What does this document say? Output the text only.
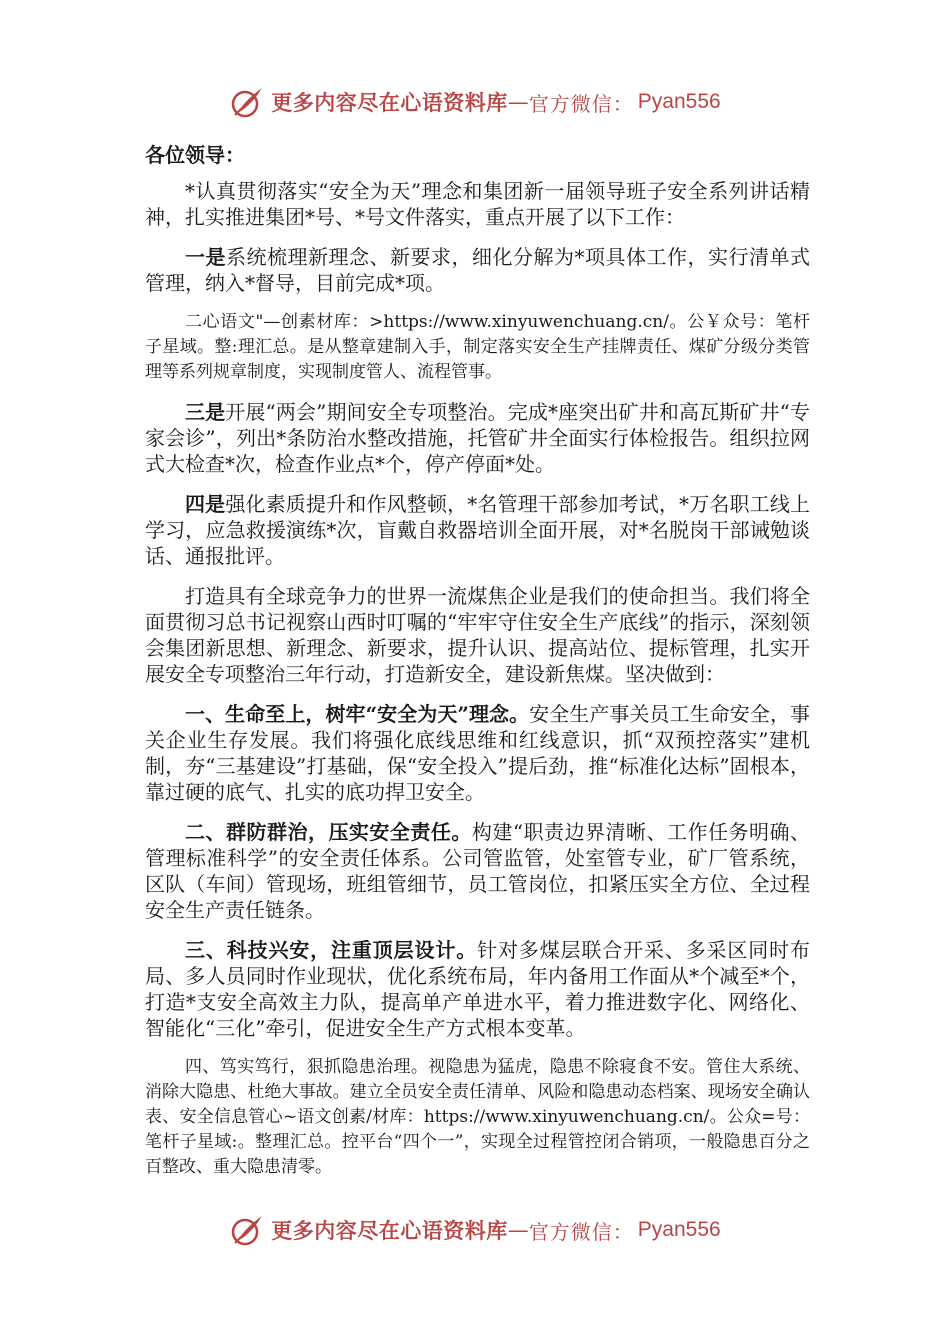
更多内容尽在心语资料库 — 官方微信： Pyan556

各位领导：

*认真贯彻落实“安全为天”理念和集团新一届领导班子安全系列讲话精神，扎实推进集团*号、*号文件落实，重点开展了以下工作：

一是系统梳理新理念、新要求，细化分解为*项具体工作，实行清单式管理，纳入*督导，目前完成*项。

二心语文"—创素材库：>https://www.xinyuwenchuang.cn/。公￥众号：笔杆子星域。整:理汇总。是从整章建制入手，制定落实安全生产挂牌责任、煤矿分级分类管理等系列规章制度，实现制度管人、流程管事。

三是开展“两会”期间安全专项整治。完成*座突出矿井和高瓦斯矿井“专家会诊”，列出*条防治水整改措施，托管矿井全面实行体检报告。组织拉网式大检查*次，检查作业点*个，停产停面*处。

四是强化素质提升和作风整顿，*名管理干部参加考试，*万名职工线上学习，应急救援演练*次，盲戴自救器培训全面开展，对*名脱岗干部诫勉谈话、通报批评。

打造具有全球竞争力的世界一流煤焦企业是我们的使命担当。我们将全面贯彻习总书记视察山西时叮嘱的“牢牢守住安全生产底线”的指示，深刻领会集团新思想、新理念、新要求，提升认识、提高站位、提标管理，扎实开展安全专项整治三年行动，打造新安全，建设新焦煤。坚决做到：

一、生命至上，树牢“安全为天”理念。安全生产事关员工生命安全，事关企业生存发展。我们将强化底线思维和红线意识，抓“双预控落实”建机制，夯“三基建设”打基础，保“安全投入”提后劲，推“标准化达标”固根本，靠过硬的底气、扎实的底功捍卫安全。

二、群防群治，压实安全责任。构建“职责边界清晰、工作任务明确、管理标准科学”的安全责任体系。公司管监管，处室管专业，矿厂管系统，区队（车间）管现场，班组管细节，员工管岗位，扣紧压实全方位、全过程安全生产责任链条。

三、科技兴安，注重顶层设计。针对多煤层联合开采、多采区同时布局、多人员同时作业现状，优化系统布局，年内备用工作面从*个减至*个，打造*支安全高效主力队，提高单产单进水平，着力推进数字化、网络化、智能化“三化”牵引，促进安全生产方式根本变革。

四、笃实笃行，狠抓隐患治理。视隐患为猛虎，隐患不除寝食不安。管住大系统、消除大隐患、杜绝大事故。建立全员安全责任清单、风险和隐患动态档案、现场安全确认表、安全信息管心~语文创素/材库：https://www.xinyuwenchuang.cn/。公众=号：笔杆子星域:。整理汇总。控平台“四个一”，实现全过程管控闭合销项，一般隐患百分之百整改、重大隐患清零。

更多内容尽在心语资料库 — 官方微信： Pyan556
